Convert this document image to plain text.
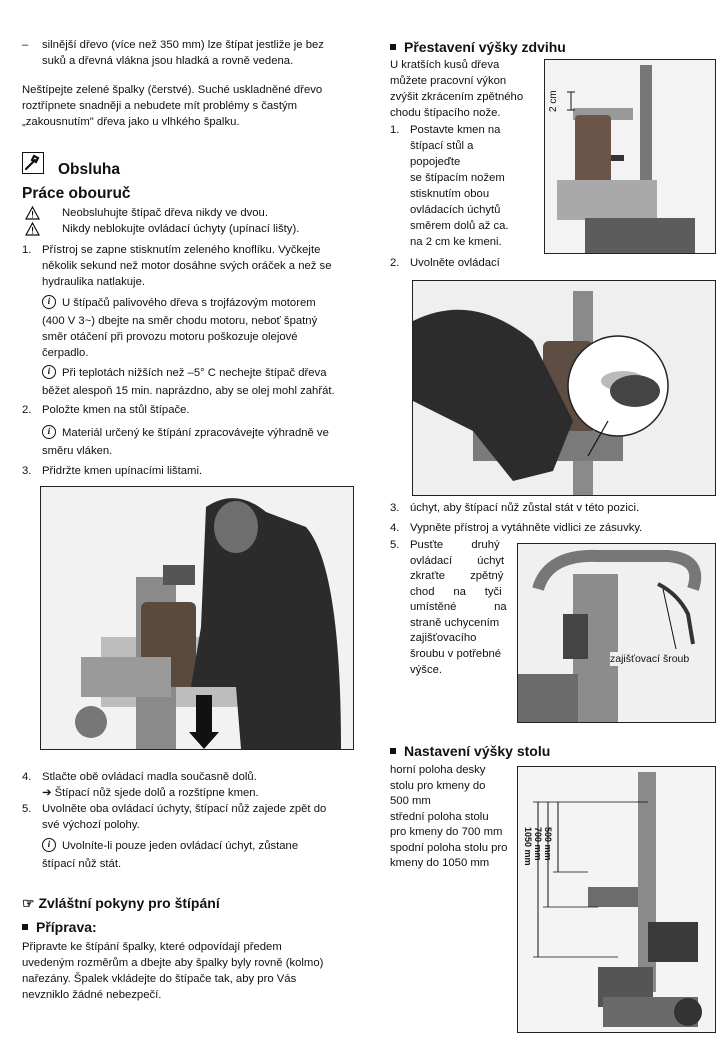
– silnější dřevo (více než 350 mm) lze štípat jestliže je bez

suků a dřevná vlákna jsou hladká a rovně vedena.

Neštípejte zelené špalky (čerstvé). Suché uskladněné dřevo

roztřípnete snadněji a nebudete mít problémy s častým

„zakousnutím" dřeva jako u vlhkého špalku.

Obsluha

Práce obouruč

Neobsluhujte štípač dřeva nikdy ve dvou.

Nikdy neblokujte ovládací úchyty (upínací lišty).

1. Přístroj se zapne stisknutím zeleného knoflíku. Vyčkejte

několik sekund než motor dosáhne svých oráček a než se

hydraulika natlakuje.

i U štípačů palivového dřeva s trojfázovým motorem

(400 V 3~) dbejte na směr chodu motoru, neboť špatný

směr otáčení při provozu motoru poškozuje olejové

čerpadlo.

i Při teplotách nižších než –5° C nechejte štípač dřeva

běžet alespoň 15 min. naprázdno, aby se olej mohl zahřát.

2. Položte kmen na stůl štípače.

i Materiál určený ke štípání zpracovávejte výhradně ve

směru vláken.

3. Přidržte kmen upínacími lištami.

4. Stlačte obě ovládací madla současně dolů.

➔ Štípací nůž sjede dolů a rozštípne kmen.

5. Uvolněte oba ovládací úchyty, štípací nůž zajede zpět do

své výchozí polohy.

i Uvolníte-li pouze jeden ovládací úchyt, zůstane

štípací nůž stát.

☞ Zvláštní pokyny pro štípání

Příprava:

Připravte ke štípání špalky, které odpovídají předem

uvedeným rozměrům a dbejte aby špalky byly rovně (kolmo)

nařezány. Špalek vkládejte do štípače tak, aby pro Vás

nevzniklo žádné nebezpečí.

Přestavení výšky zdvihu

U kratších kusů dřeva

můžete pracovní výkon

zvýšit zkrácením zpětného

chodu štípacího nože.

1. Postavte kmen na

štípací stůl a

popojeďte

se štípacím nožem

stisknutím obou

ovládacích úchytů

směrem dolů až ca.

na 2 cm ke kmeni.

2. Uvolněte ovládací

2 cm

3. úchyt, aby štípací nůž zůstal stát v této pozici.

4. Vypněte přístroj a vytáhněte vidlici ze zásuvky.

5. Pusťte         druhý

ovládací        úchyt

zkraťte        zpětný

chod      na      tyči

umístěné            na

straně uchycením

zajišťovacího

šroubu v potřebné

výšce.

zajišťovací šroub

Nastavení výšky stolu

horní poloha desky

stolu pro kmeny do

500 mm

střední poloha stolu

pro kmeny do 700 mm

spodní poloha stolu pro

kmeny do 1050 mm

500 mm

700 mm

1050 mm
